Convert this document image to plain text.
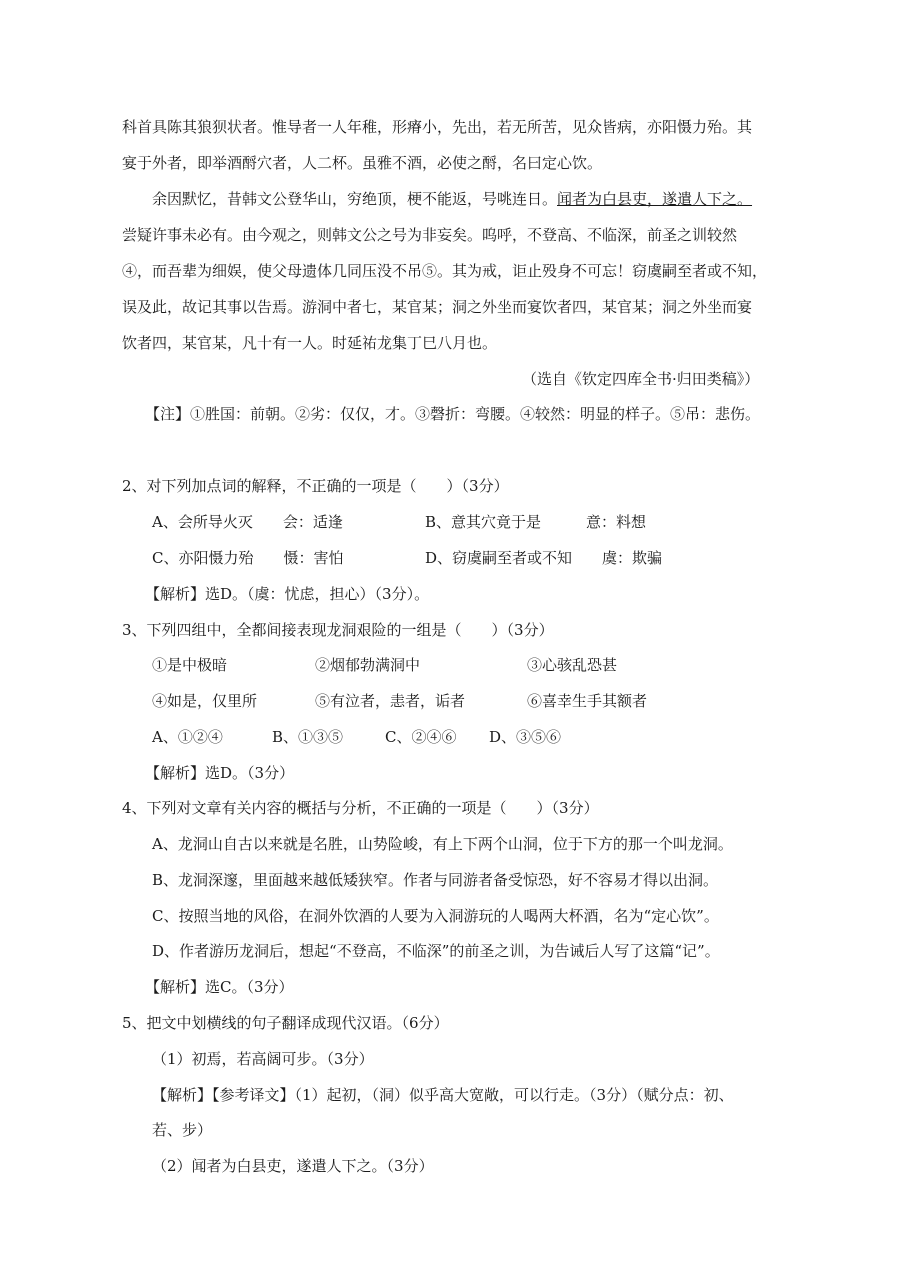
科首具陈其狼狈状者。惟导者一人年稚，形瘠小，先出，若无所苦，见众皆病，亦阳慑力殆。其
宴于外者，即举酒酹穴者，人二杯。虽雅不酒，必使之酹，名曰定心饮。
余因默忆，昔韩文公登华山，穷绝顶，梗不能返，号咷连日。闻者为白县吏，遂遣人下之。
尝疑许事未必有。由今观之，则韩文公之号为非妄矣。呜呼，不登高、不临深，前圣之训较然
④，而吾辈为细娱，使父母遗体几同压没不吊⑤。其为戒，讵止殁身不可忘！窃虞嗣至者或不知，
误及此，故记其事以告焉。游洞中者七，某官某；洞之外坐而宴饮者四，某官某；洞之外坐而宴
饮者四，某官某，凡十有一人。时延祐龙集丁巳八月也。
（选自《钦定四库全书·归田类稿》）
【注】①胜国：前朝。②劣：仅仅，才。③磬折：弯腰。④较然：明显的样子。⑤吊：悲伤。
2、对下列加点词的解释，不正确的一项是（　　）（3分）
A、会所导火灭　　会：适逢	B、意其穴竟于是　　　意：料想
C、亦阳慑力殆　　慑：害怕	D、窃虞嗣至者或不知　　虞：欺骗
【解析】选D。（虞：忧虑，担心）（3分）。
3、下列四组中，全都间接表现龙洞艰险的一组是（　　）（3分）
①是中极暗	②烟郁勃满洞中	③心骇乱恐甚
④如是，仅里所	⑤有泣者，恚者，诟者	⑥喜幸生手其额者
A、①②④	B、①③⑤	C、②④⑥ D、③⑤⑥
【解析】选D。（3分）
4、下列对文章有关内容的概括与分析，不正确的一项是（　　）（3分）
A、龙洞山自古以来就是名胜，山势险峻，有上下两个山洞，位于下方的那一个叫龙洞。
B、龙洞深邃，里面越来越低矮狭窄。作者与同游者备受惊恐，好不容易才得以出洞。
C、按照当地的风俗，在洞外饮酒的人要为入洞游玩的人喝两大杯酒，名为“定心饮”。
D、作者游历龙洞后，想起“不登高，不临深”的前圣之训，为告诫后人写了这篇“记”。
【解析】选C。（3分）
5、把文中划横线的句子翻译成现代汉语。（6分）
（1）初焉，若高阔可步。（3分）
【解析】【参考译文】（1）起初，（洞）似乎高大宽敞，可以行走。（3分）（赋分点：初、
若、步）
（2）闻者为白县吏，遂遣人下之。（3分）
